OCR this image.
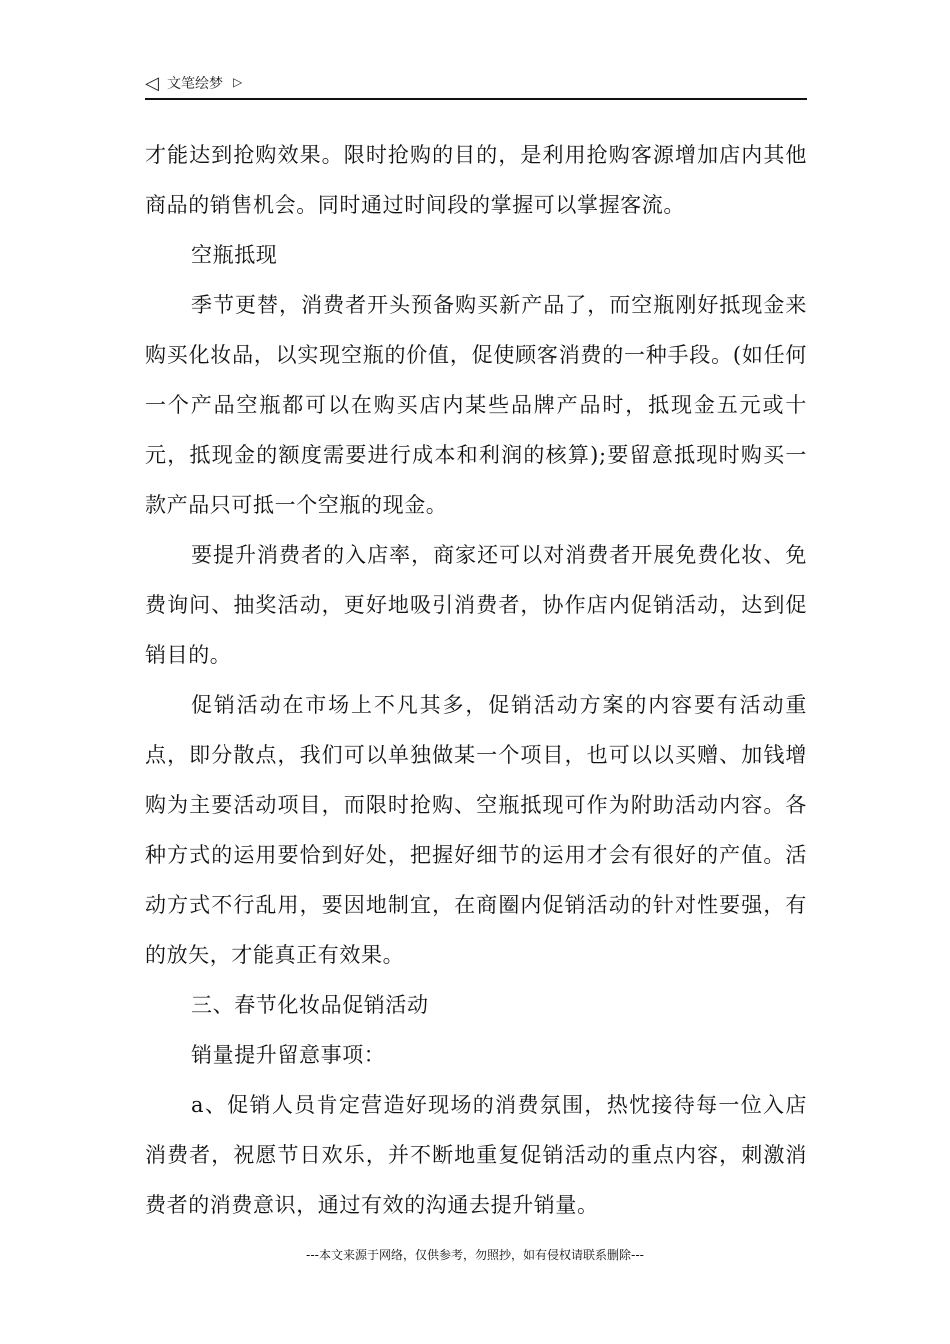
◁ 文笔绘梦 ▷

才能达到抢购效果。限时抢购的目的，是利用抢购客源增加店内其他商品的销售机会。同时通过时间段的掌握可以掌握客流。

空瓶抵现

季节更替，消费者开头预备购买新产品了，而空瓶刚好抵现金来购买化妆品，以实现空瓶的价值，促使顾客消费的一种手段。(如任何一个产品空瓶都可以在购买店内某些品牌产品时，抵现金五元或十元，抵现金的额度需要进行成本和利润的核算);要留意抵现时购买一款产品只可抵一个空瓶的现金。

要提升消费者的入店率，商家还可以对消费者开展免费化妆、免费询问、抽奖活动，更好地吸引消费者，协作店内促销活动，达到促销目的。

促销活动在市场上不凡其多，促销活动方案的内容要有活动重点，即分散点，我们可以单独做某一个项目，也可以以买赠、加钱增购为主要活动项目，而限时抢购、空瓶抵现可作为附助活动内容。各种方式的运用要恰到好处，把握好细节的运用才会有很好的产值。活动方式不行乱用，要因地制宜，在商圈内促销活动的针对性要强，有的放矢，才能真正有效果。

三、春节化妆品促销活动

销量提升留意事项：

a、促销人员肯定营造好现场的消费氛围，热忱接待每一位入店消费者，祝愿节日欢乐，并不断地重复促销活动的重点内容，刺激消费者的消费意识，通过有效的沟通去提升销量。

---本文来源于网络，仅供参考，勿照抄，如有侵权请联系删除---
